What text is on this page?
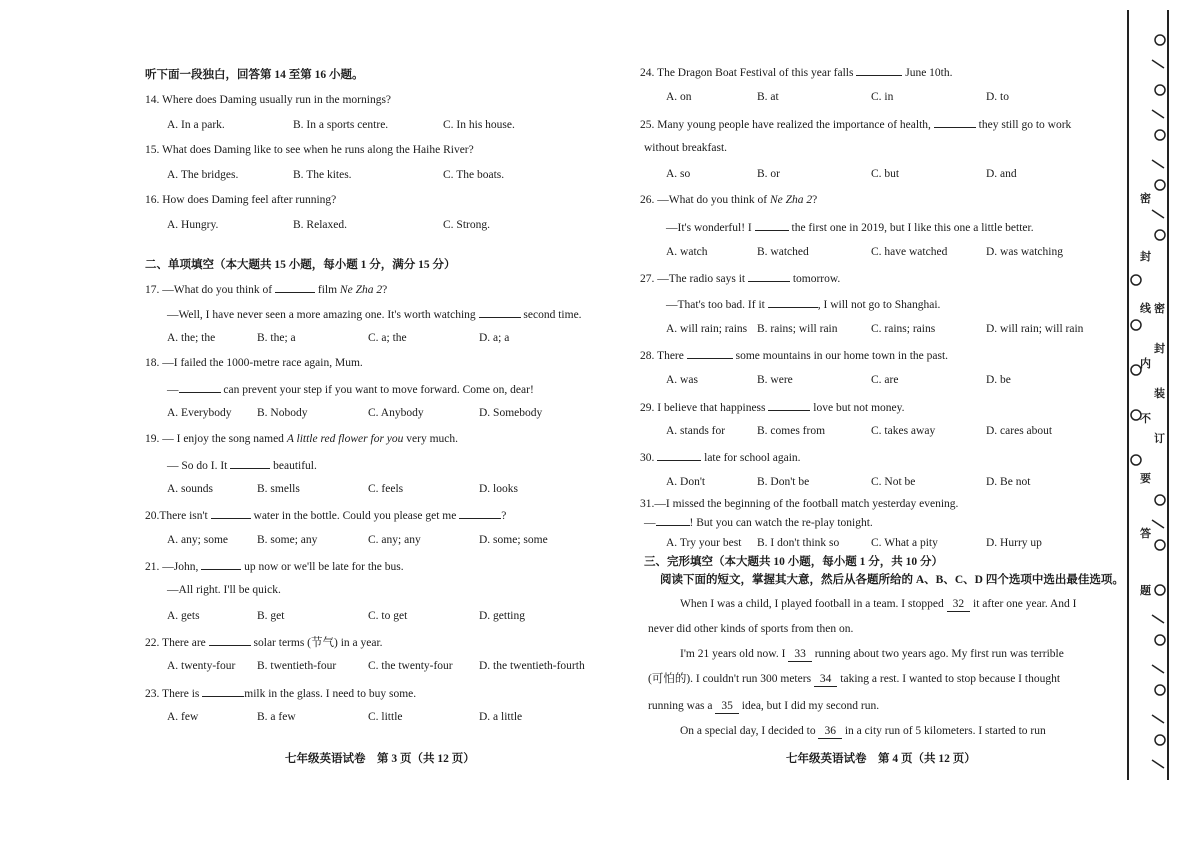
听下面一段独白，回答第 14 至第 16 小题。
14. Where does Daming usually run in the mornings?
A. In a park.	B. In a sports centre.	C. In his house.
15. What does Daming like to see when he runs along the Haihe River?
A. The bridges.	B. The kites.	C. The boats.
16. How does Daming feel after running?
A. Hungry.	B. Relaxed.	C. Strong.
二、单项填空（本大题共 15 小题，每小题 1 分，满分 15 分）
17. —What do you think of	film Ne Zha 2?
—Well, I have never seen a more amazing one. It's worth watching	second time.
A. the; the	B. the; a	C. a; the	D. a; a
18. —I failed the 1000-metre race again, Mum.
—	can prevent your step if you want to move forward. Come on, dear!
A. Everybody B. Nobody	C. Anybody	D. Somebody
19. — I enjoy the song named A little red flower for you very much.
— So do I. It	beautiful.
A. sounds	B. smells	C. feels	D. looks
20.There isn't	water in the bottle. Could you please get me	?
A. any; some	B. some; any	C. any; any	D. some; some
21. —John,	up now or we'll be late for the bus.
—All right. I'll be quick.
A. gets	B. get	C. to get	D. getting
22. There are	solar terms (节气) in a year.
A. twenty-four B. twentieth-four	C. the twenty-four D. the twentieth-fourth
23. There is	milk in the glass. I need to buy some.
A. few	B. a few	C. little	D. a little
七年级英语试卷　第 3 页（共 12 页）
24. The Dragon Boat Festival of this year falls	June 10th.
A. on	B. at	C. in	D. to
25. Many young people have realized the importance of health,	they still go to work
without breakfast.
A. so	B. or	C. but	D. and
26. —What do you think of Ne Zha 2?
—It's wonderful! I	the first one in 2019, but I like this one a little better.
A. watch	B. watched	C. have watched	D. was watching
27. —The radio says it	tomorrow.
—That's too bad. If it	, I will not go to Shanghai.
A. will rain; rains B. rains; will rain	C. rains; rains	D. will rain; will rain
28. There	some mountains in our home town in the past.
A. was	B. were	C. are	D. be
29. I believe that happiness	love but not money.
A. stands for	B. comes from	C. takes away	D. cares about
30.	late for school again.
A. Don't	B. Don't be	C. Not be	D. Be not
31.—I missed the beginning of the football match yesterday evening.
—	! But you can watch the re-play tonight.
A. Try your best B. I don't think so	C. What a pity	D. Hurry up
三、完形填空（本大题共 10 小题，每小题 1 分，共 10 分）
阅读下面的短文，掌握其大意，然后从各题所给的 A、B、C、D 四个选项中选出最佳选项。
When I was a child, I played football in a team. I stopped 32 it after one year. And I
never did other kinds of sports from then on.
I'm 21 years old now. I 33 running about two years ago. My first run was terrible
(可怕的). I couldn't run 300 meters 34 taking a rest. I wanted to stop because I thought
running was a 35 idea, but I did my second run.
On a special day, I decided to 36 in a city run of 5 kilometers. I started to run
七年级英语试卷　第 4 页（共 12 页）
密
封
线
内
不
要
答
题
密
封
装
订
